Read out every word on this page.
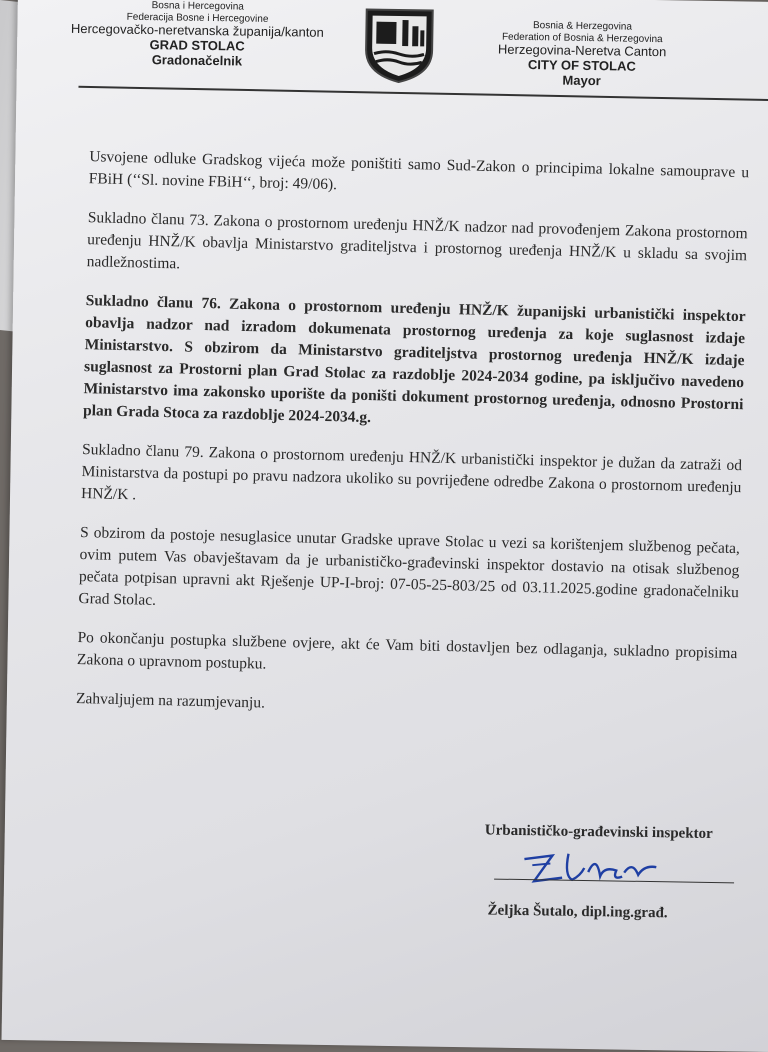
Bosna i Hercegovina
Federacija Bosne i Hercegovine
Hercegovačko-neretvanska županija/kanton
GRAD STOLAC
Gradonačelnik
Bosnia & Herzegovina
Federation of Bosnia & Herzegovina
Herzegovina-Neretva Canton
CITY OF STOLAC
Mayor

Usvojene odluke Gradskog vijeća može poništiti samo Sud-Zakon o principima lokalne samouprave u FBiH (‘‘Sl. novine FBiH‘‘, broj: 49/06).

Sukladno članu 73. Zakona o prostornom uređenju HNŽ/K nadzor nad provođenjem Zakona prostornom uređenju HNŽ/K obavlja Ministarstvo graditeljstva i prostornog uređenja HNŽ/K u skladu sa svojim nadležnostima.

Sukladno članu 76. Zakona o prostornom uređenju HNŽ/K županijski urbanistički inspektor obavlja nadzor nad izradom dokumenata prostornog uređenja za koje suglasnost izdaje Ministarstvo. S obzirom da Ministarstvo graditeljstva prostornog uređenja HNŽ/K izdaje suglasnost za Prostorni plan Grad Stolac za razdoblje 2024-2034 godine, pa isključivo navedeno Ministarstvo ima zakonsko uporište da poništi dokument prostornog uređenja, odnosno Prostorni plan Grada Stoca za razdoblje 2024-2034.g.

Sukladno članu 79. Zakona o prostornom uređenju HNŽ/K urbanistički inspektor je dužan da zatraži od Ministarstva da postupi po pravu nadzora ukoliko su povrijeđene odredbe Zakona o prostornom uređenju HNŽ/K .

S obzirom da postoje nesuglasice unutar Gradske uprave Stolac u vezi sa korištenjem službenog pečata, ovim putem Vas obavještavam da je urbanističko-građevinski inspektor dostavio na otisak službenog pečata potpisan upravni akt Rješenje UP-I-broj: 07-05-25-803/25 od 03.11.2025.godine gradonačelniku Grad Stolac.

Po okončanju postupka službene ovjere, akt će Vam biti dostavljen bez odlaganja, sukladno propisima Zakona o upravnom postupku.

Zahvaljujem na razumjevanju.

Urbanističko-građevinski inspektor
Željka Šutalo, dipl.ing.građ.
